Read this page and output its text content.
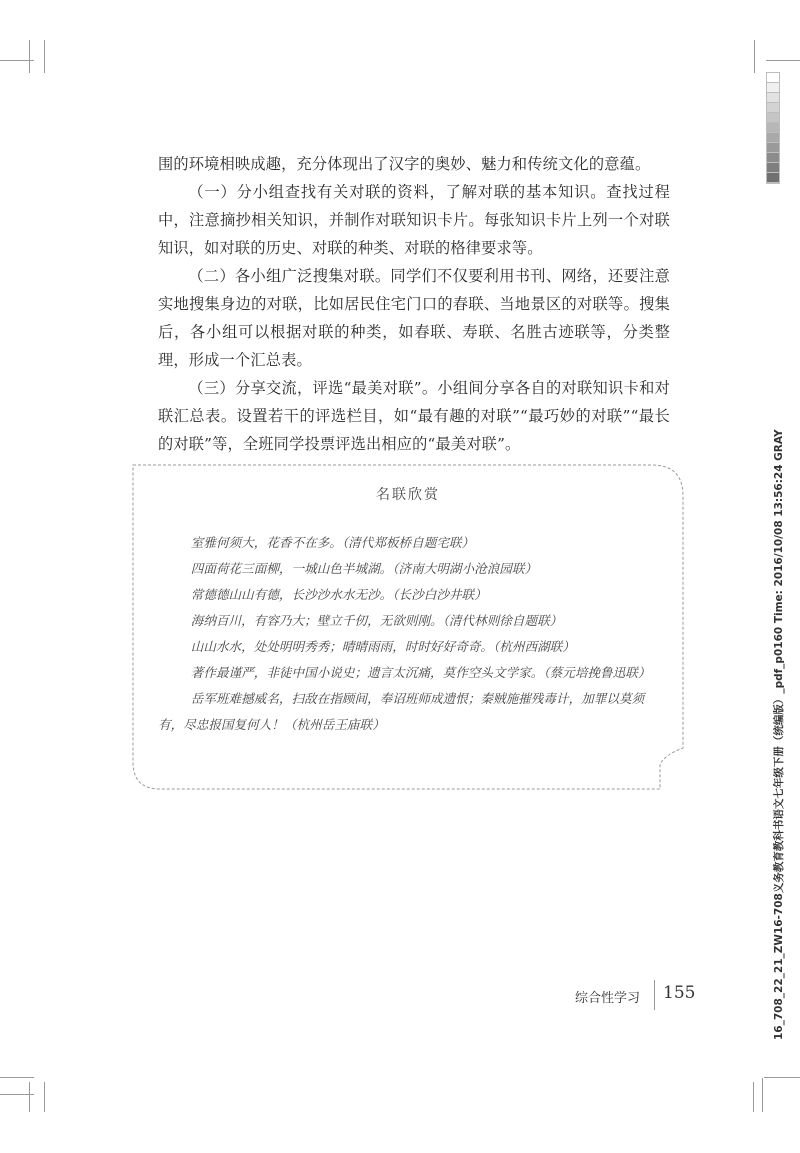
围的环境相映成趣，充分体现出了汉字的奥妙、魅力和传统文化的意蕴。

（一）分小组查找有关对联的资料，了解对联的基本知识。查找过程中，注意摘抄相关知识，并制作对联知识卡片。每张知识卡片上列一个对联知识，如对联的历史、对联的种类、对联的格律要求等。

（二）各小组广泛搜集对联。同学们不仅要利用书刊、网络，还要注意实地搜集身边的对联，比如居民住宅门口的春联、当地景区的对联等。搜集后，各小组可以根据对联的种类，如春联、寿联、名胜古迹联等，分类整理，形成一个汇总表。

（三）分享交流，评选“最美对联”。小组间分享各自的对联知识卡和对联汇总表。设置若干的评选栏目，如“最有趣的对联”“最巧妙的对联”“最长的对联”等，全班同学投票评选出相应的“最美对联”。

名联欣赏

室雅何须大，花香不在多。（清代郑板桥自题宅联）

四面荷花三面柳，一城山色半城湖。（济南大明湖小沧浪园联）

常德德山山有德，长沙沙水水无沙。（长沙白沙井联）

海纳百川，有容乃大；壁立千仞，无欲则刚。（清代林则徐自题联）

山山水水，处处明明秀秀；晴晴雨雨，时时好好奇奇。（杭州西湖联）

著作最谨严，非徒中国小说史；遗言太沉痛，莫作空头文学家。（蔡元培挽鲁迅联）

岳军班难撼威名，扫敌在指顾间，奉诏班师成遗恨；秦贼施摧残毒计，加罪以莫须有，尽忠报国复何人！（杭州岳王庙联）

综合性学习 155	16_708_22_21_ZW16-708义务教育教科书语文七年级下册（统编版）_pdf_p0160 Time: 2016/10/08 13:56:24 GRAY
